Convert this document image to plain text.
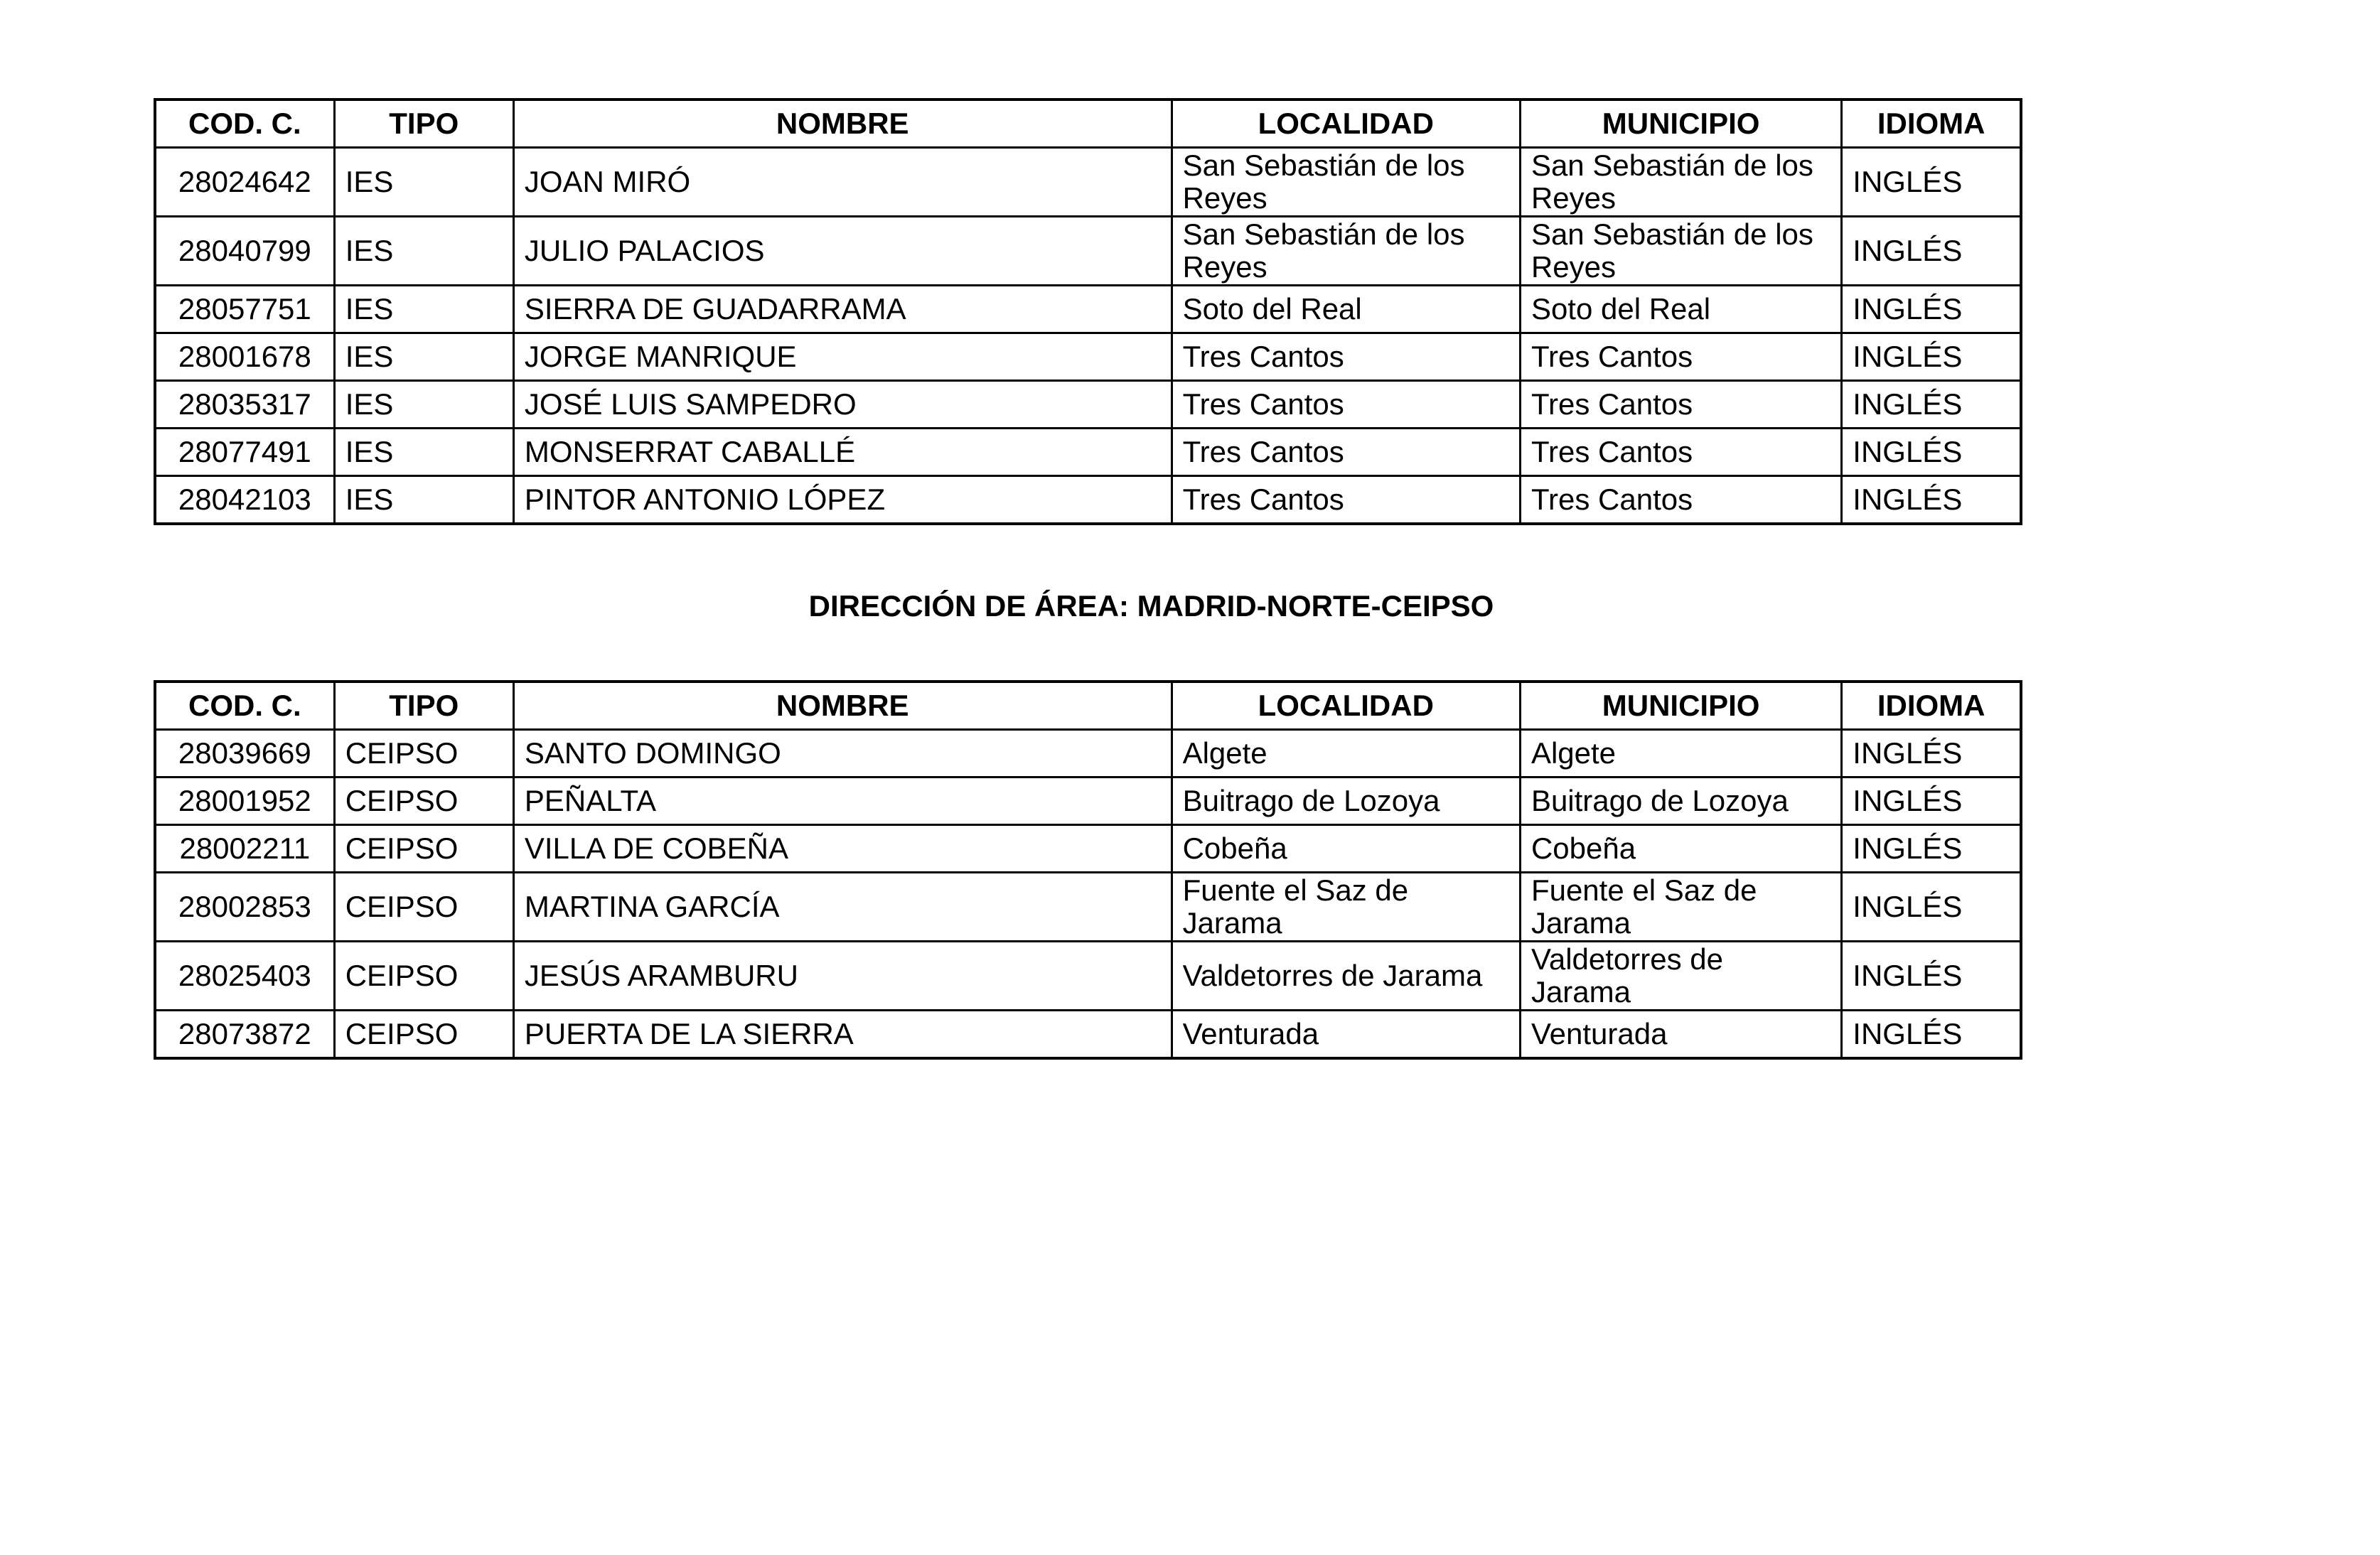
COD. C.	TIPO	NOMBRE	LOCALIDAD	MUNICIPIO	IDIOMA
28024642	IES	JOAN MIRÓ	San Sebastián de los Reyes	San Sebastián de los Reyes	INGLÉS
28040799	IES	JULIO PALACIOS	San Sebastián de los Reyes	San Sebastián de los Reyes	INGLÉS
28057751	IES	SIERRA DE GUADARRAMA	Soto del Real	Soto del Real	INGLÉS
28001678	IES	JORGE MANRIQUE	Tres Cantos	Tres Cantos	INGLÉS
28035317	IES	JOSÉ LUIS SAMPEDRO	Tres Cantos	Tres Cantos	INGLÉS
28077491	IES	MONSERRAT CABALLÉ	Tres Cantos	Tres Cantos	INGLÉS
28042103	IES	PINTOR ANTONIO LÓPEZ	Tres Cantos	Tres Cantos	INGLÉS
DIRECCIÓN DE ÁREA: MADRID-NORTE-CEIPSO
COD. C.	TIPO	NOMBRE	LOCALIDAD	MUNICIPIO	IDIOMA
28039669	CEIPSO	SANTO DOMINGO	Algete	Algete	INGLÉS
28001952	CEIPSO	PEÑALTA	Buitrago de Lozoya	Buitrago de Lozoya	INGLÉS
28002211	CEIPSO	VILLA DE COBEÑA	Cobeña	Cobeña	INGLÉS
28002853	CEIPSO	MARTINA GARCÍA	Fuente el Saz de Jarama	Fuente el Saz de Jarama	INGLÉS
28025403	CEIPSO	JESÚS ARAMBURU	Valdetorres de Jarama	Valdetorres de Jarama	INGLÉS
28073872	CEIPSO	PUERTA DE LA SIERRA	Venturada	Venturada	INGLÉS
